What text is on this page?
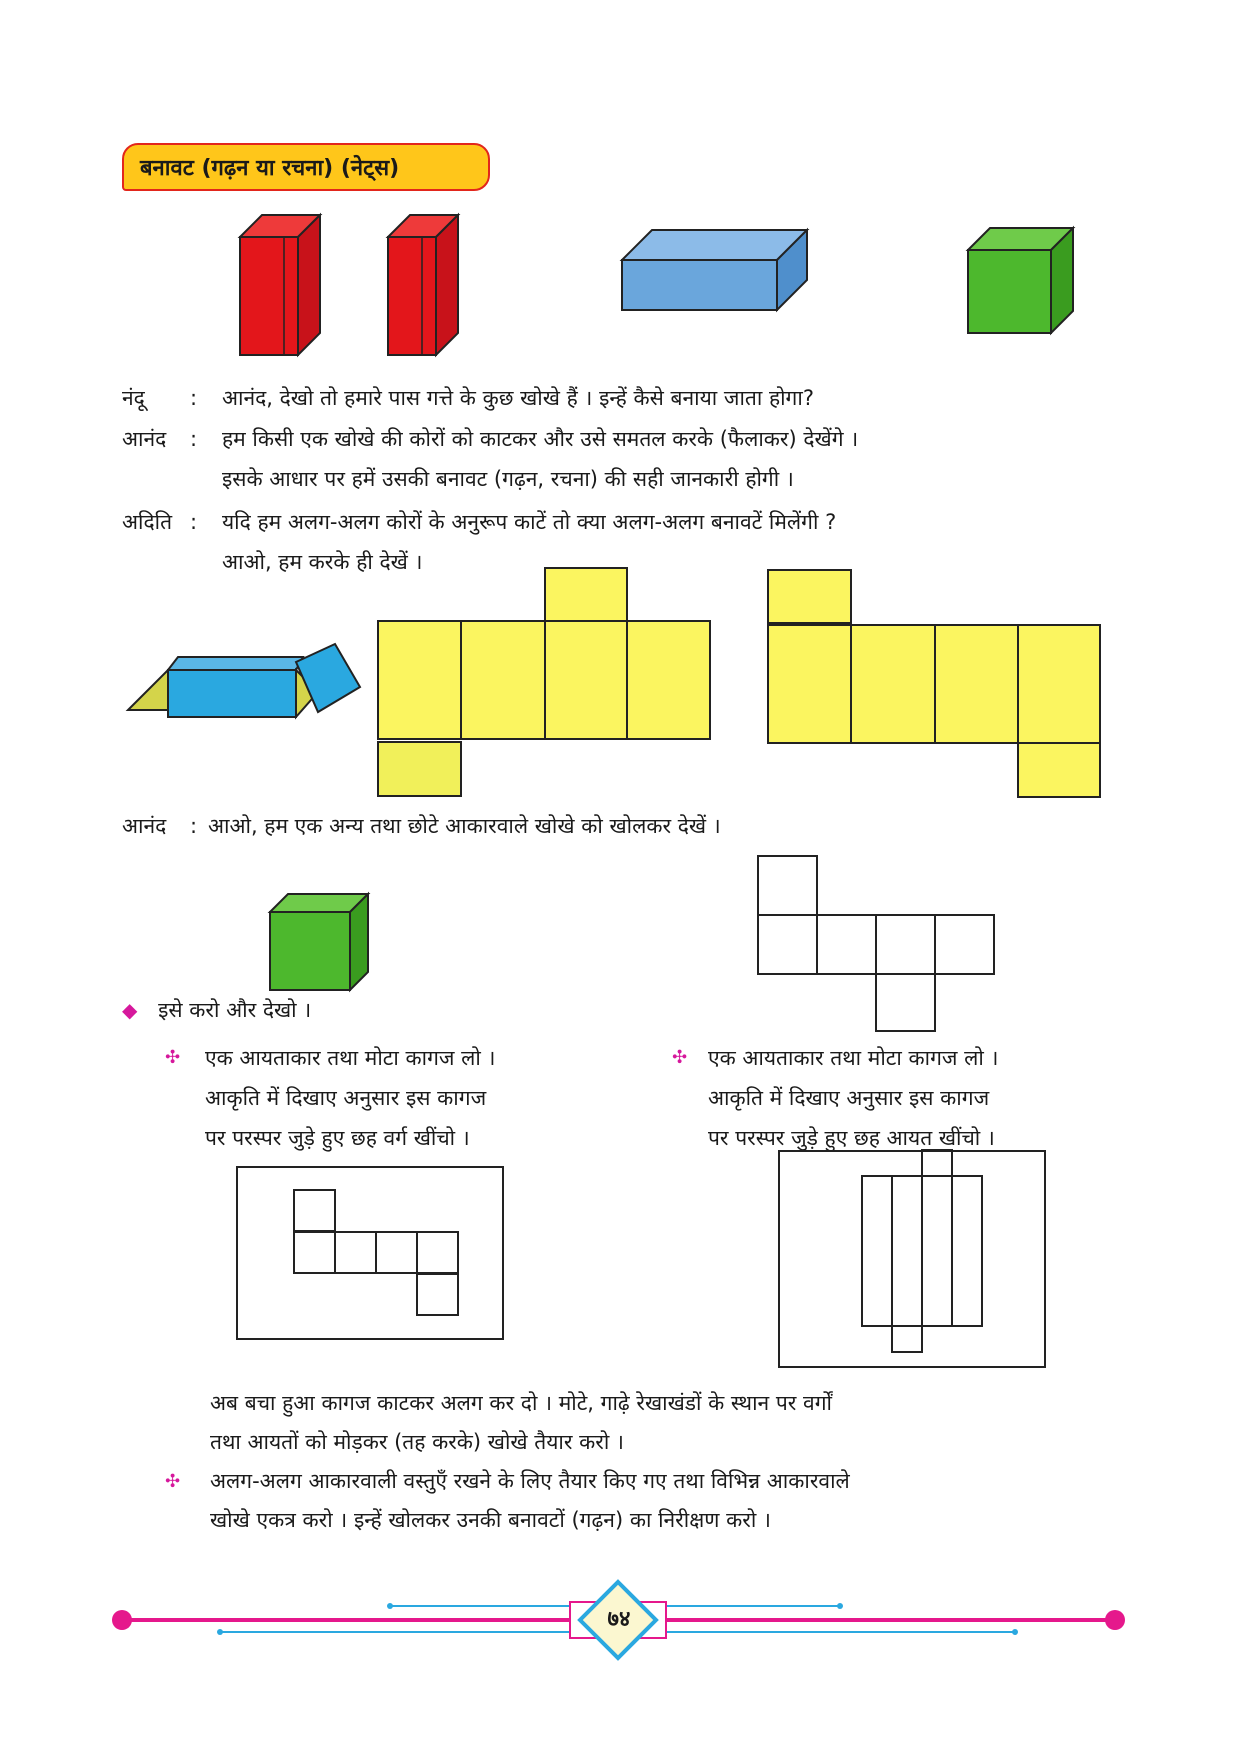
बनावट (गढ़न या रचना) (नेट्स)
नंदू	: आनंद, देखो तो हमारे पास गत्ते के कुछ खोखे हैं । इन्हें कैसे बनाया जाता होगा?
आनंद	: हम किसी एक खोखे की कोरों को काटकर और उसे समतल करके (फैलाकर) देखेंगे ।
इसके आधार पर हमें उसकी बनावट (गढ़न, रचना) की सही जानकारी होगी ।
अदिति : यदि हम अलग-अलग कोरों के अनुरूप काटें तो क्या अलग-अलग बनावटें मिलेंगी ?
आओ, हम करके ही देखें ।
आनंद	: आओ, हम एक अन्य तथा छोटे आकारवाले खोखे को खोलकर देखें ।
◆ इसे करो और देखो ।
✣ एक आयताकार तथा मोटा कागज लो ।
आकृति में दिखाए अनुसार इस कागज
पर परस्पर जुड़े हुए छह वर्ग खींचो ।
✣ एक आयताकार तथा मोटा कागज लो ।
आकृति में दिखाए अनुसार इस कागज
पर परस्पर जुड़े हुए छह आयत खींचो ।
अब बचा हुआ कागज काटकर अलग कर दो । मोटे, गाढ़े रेखाखंडों के स्थान पर वर्गों
तथा आयतों को मोड़कर (तह करके) खोखे तैयार करो ।
✣ अलग-अलग आकारवाली वस्तुएँ रखने के लिए तैयार किए गए तथा विभिन्न आकारवाले
खोखे एकत्र करो । इन्हें खोलकर उनकी बनावटों (गढ़न) का निरीक्षण करो ।
७४
